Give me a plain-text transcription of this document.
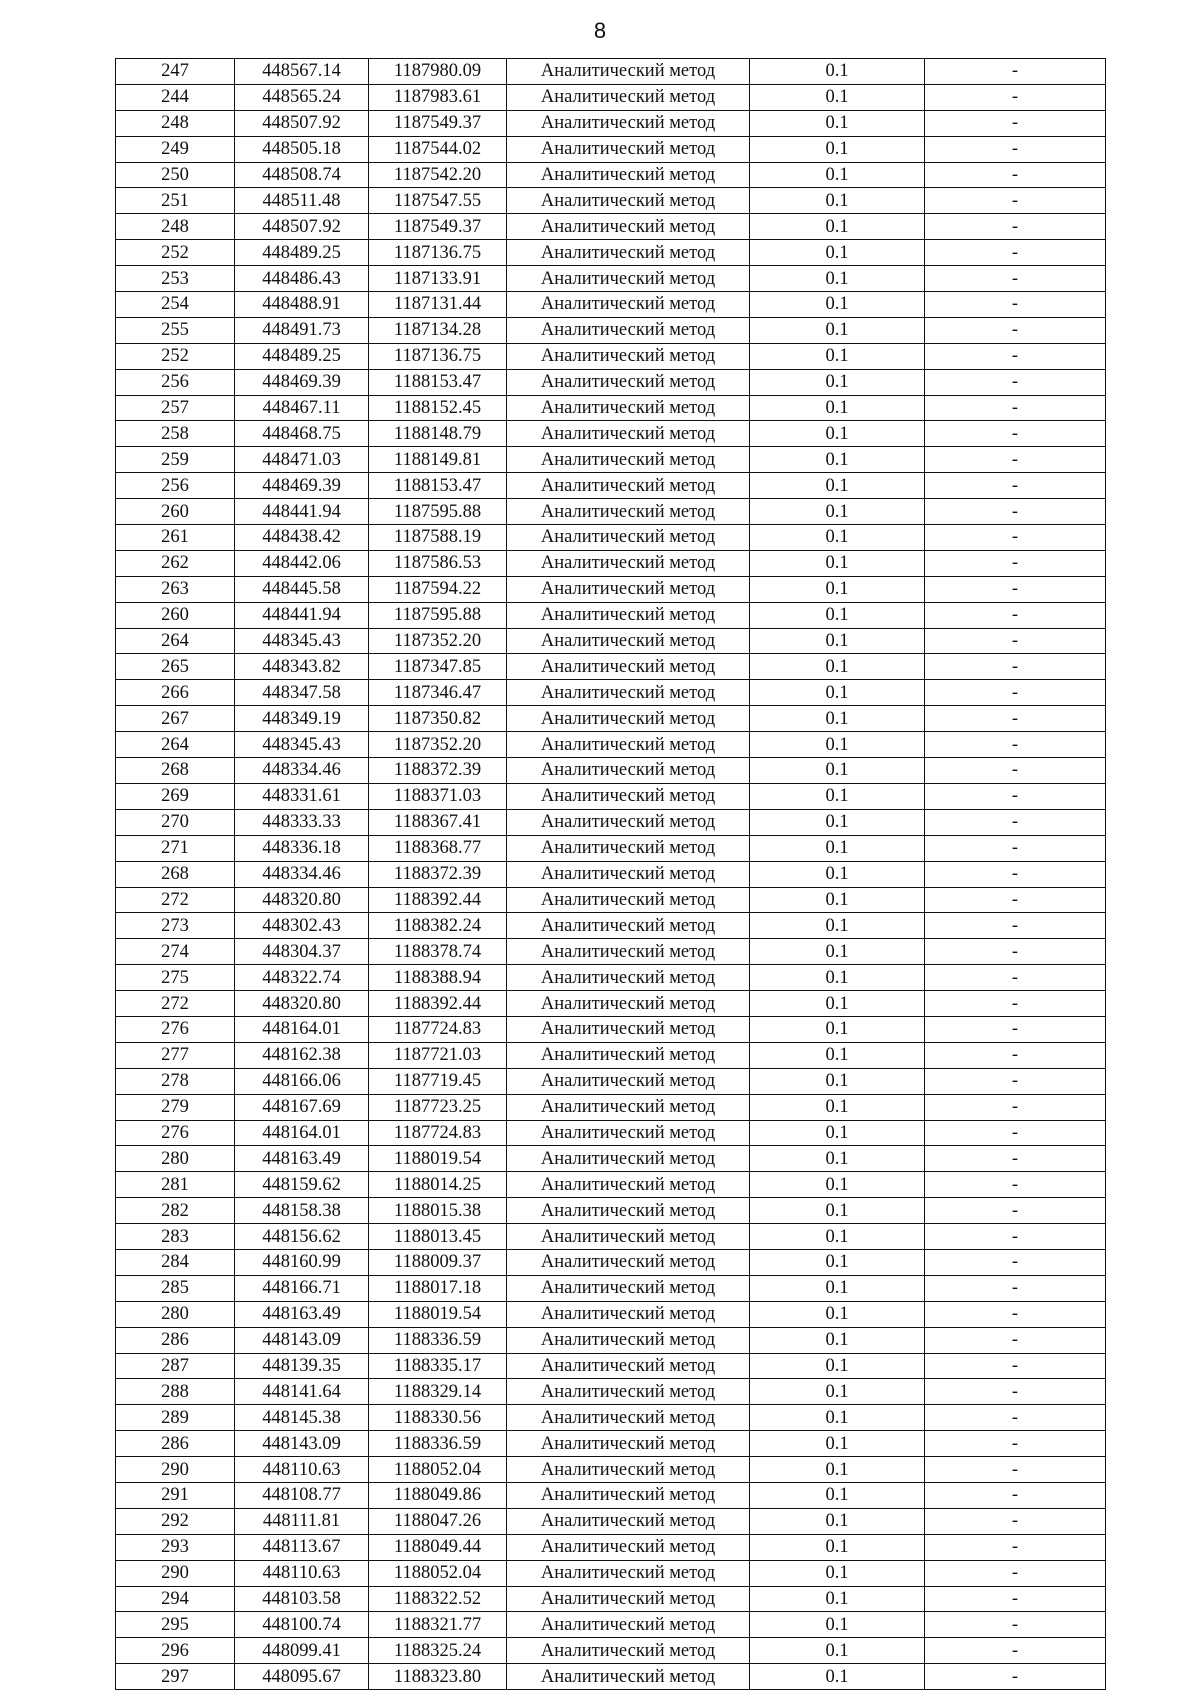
8
247	448567.14	1187980.09	Аналитический метод	0.1	-
244	448565.24	1187983.61	Аналитический метод	0.1	-
248	448507.92	1187549.37	Аналитический метод	0.1	-
249	448505.18	1187544.02	Аналитический метод	0.1	-
250	448508.74	1187542.20	Аналитический метод	0.1	-
251	448511.48	1187547.55	Аналитический метод	0.1	-
248	448507.92	1187549.37	Аналитический метод	0.1	-
252	448489.25	1187136.75	Аналитический метод	0.1	-
253	448486.43	1187133.91	Аналитический метод	0.1	-
254	448488.91	1187131.44	Аналитический метод	0.1	-
255	448491.73	1187134.28	Аналитический метод	0.1	-
252	448489.25	1187136.75	Аналитический метод	0.1	-
256	448469.39	1188153.47	Аналитический метод	0.1	-
257	448467.11	1188152.45	Аналитический метод	0.1	-
258	448468.75	1188148.79	Аналитический метод	0.1	-
259	448471.03	1188149.81	Аналитический метод	0.1	-
256	448469.39	1188153.47	Аналитический метод	0.1	-
260	448441.94	1187595.88	Аналитический метод	0.1	-
261	448438.42	1187588.19	Аналитический метод	0.1	-
262	448442.06	1187586.53	Аналитический метод	0.1	-
263	448445.58	1187594.22	Аналитический метод	0.1	-
260	448441.94	1187595.88	Аналитический метод	0.1	-
264	448345.43	1187352.20	Аналитический метод	0.1	-
265	448343.82	1187347.85	Аналитический метод	0.1	-
266	448347.58	1187346.47	Аналитический метод	0.1	-
267	448349.19	1187350.82	Аналитический метод	0.1	-
264	448345.43	1187352.20	Аналитический метод	0.1	-
268	448334.46	1188372.39	Аналитический метод	0.1	-
269	448331.61	1188371.03	Аналитический метод	0.1	-
270	448333.33	1188367.41	Аналитический метод	0.1	-
271	448336.18	1188368.77	Аналитический метод	0.1	-
268	448334.46	1188372.39	Аналитический метод	0.1	-
272	448320.80	1188392.44	Аналитический метод	0.1	-
273	448302.43	1188382.24	Аналитический метод	0.1	-
274	448304.37	1188378.74	Аналитический метод	0.1	-
275	448322.74	1188388.94	Аналитический метод	0.1	-
272	448320.80	1188392.44	Аналитический метод	0.1	-
276	448164.01	1187724.83	Аналитический метод	0.1	-
277	448162.38	1187721.03	Аналитический метод	0.1	-
278	448166.06	1187719.45	Аналитический метод	0.1	-
279	448167.69	1187723.25	Аналитический метод	0.1	-
276	448164.01	1187724.83	Аналитический метод	0.1	-
280	448163.49	1188019.54	Аналитический метод	0.1	-
281	448159.62	1188014.25	Аналитический метод	0.1	-
282	448158.38	1188015.38	Аналитический метод	0.1	-
283	448156.62	1188013.45	Аналитический метод	0.1	-
284	448160.99	1188009.37	Аналитический метод	0.1	-
285	448166.71	1188017.18	Аналитический метод	0.1	-
280	448163.49	1188019.54	Аналитический метод	0.1	-
286	448143.09	1188336.59	Аналитический метод	0.1	-
287	448139.35	1188335.17	Аналитический метод	0.1	-
288	448141.64	1188329.14	Аналитический метод	0.1	-
289	448145.38	1188330.56	Аналитический метод	0.1	-
286	448143.09	1188336.59	Аналитический метод	0.1	-
290	448110.63	1188052.04	Аналитический метод	0.1	-
291	448108.77	1188049.86	Аналитический метод	0.1	-
292	448111.81	1188047.26	Аналитический метод	0.1	-
293	448113.67	1188049.44	Аналитический метод	0.1	-
290	448110.63	1188052.04	Аналитический метод	0.1	-
294	448103.58	1188322.52	Аналитический метод	0.1	-
295	448100.74	1188321.77	Аналитический метод	0.1	-
296	448099.41	1188325.24	Аналитический метод	0.1	-
297	448095.67	1188323.80	Аналитический метод	0.1	-
